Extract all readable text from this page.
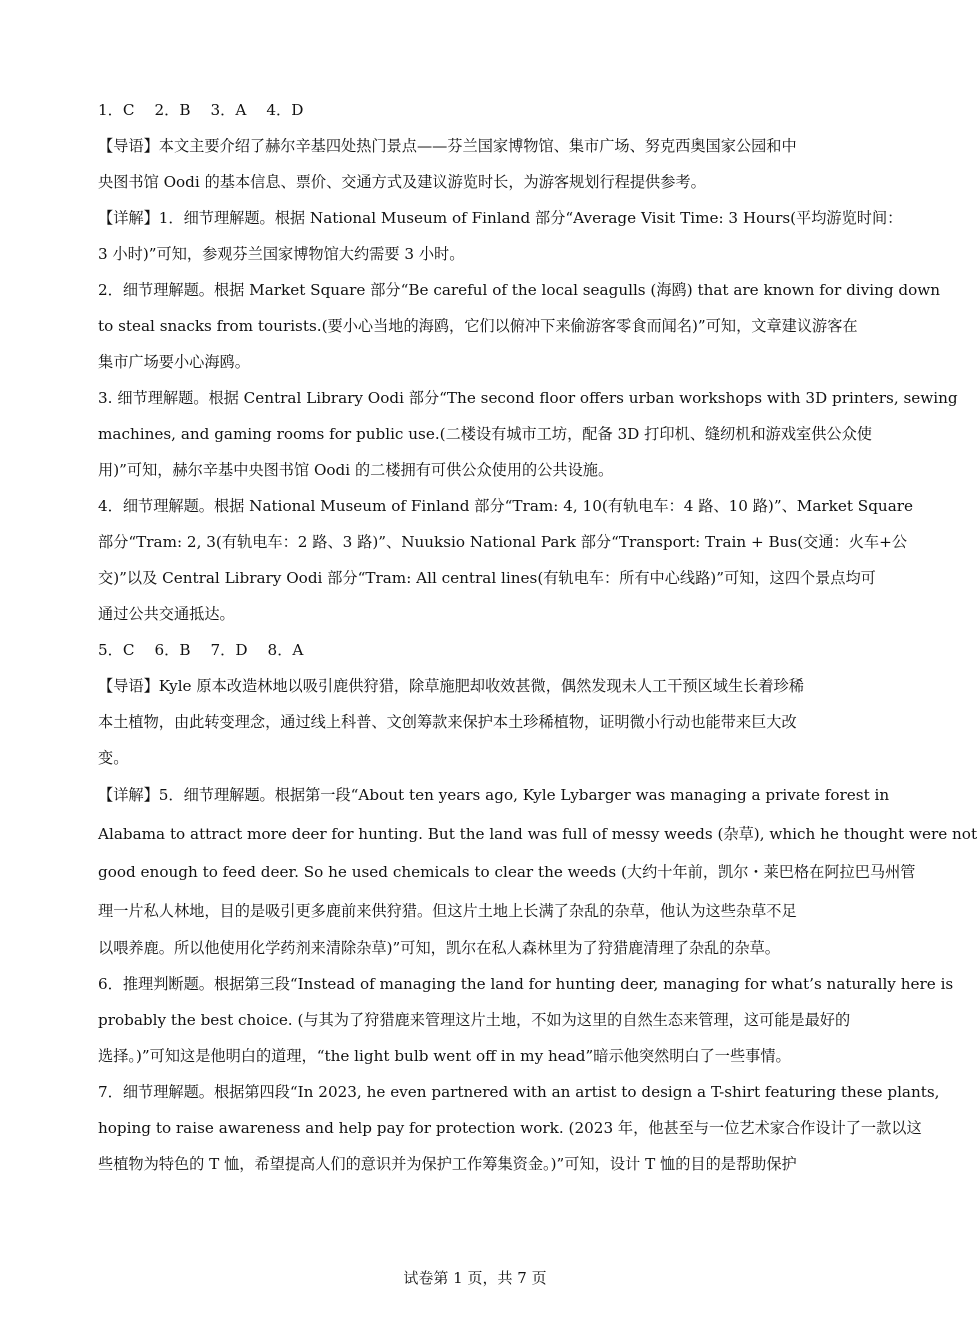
1．C　 2．B　 3．A　 4．D
【导语】本文主要介绍了赫尔辛基四处热门景点——芬兰国家博物馆、集市广场、努克西奥国家公园和中
央图书馆 Oodi 的基本信息、票价、交通方式及建议游览时长，为游客规划行程提供参考。
【详解】1．细节理解题。根据 National Museum of Finland 部分“Average Visit Time: 3 Hours(平均游览时间：
3 小时)”可知，参观芬兰国家博物馆大约需要 3 小时。
2．细节理解题。根据 Market Square 部分“Be careful of the local seagulls (海鸥) that are known for diving down
to steal snacks from tourists.(要小心当地的海鸥，它们以俯冲下来偷游客零食而闻名)”可知，文章建议游客在
集市广场要小心海鸥。
3. 细节理解题。根据 Central Library Oodi 部分“The second floor offers urban workshops with 3D printers, sewing
machines, and gaming rooms for public use.(二楼设有城市工坊，配备 3D 打印机、缝纫机和游戏室供公众使
用)”可知，赫尔辛基中央图书馆 Oodi 的二楼拥有可供公众使用的公共设施。
4．细节理解题。根据 National Museum of Finland 部分“Tram: 4, 10(有轨电车：4 路、10 路)”、Market Square
部分“Tram: 2, 3(有轨电车：2 路、3 路)”、Nuuksio National Park 部分“Transport: Train + Bus(交通：火车+公
交)”以及 Central Library Oodi 部分“Tram: All central lines(有轨电车：所有中心线路)”可知，这四个景点均可
通过公共交通抵达。
5．C　 6．B　 7．D　 8．A
【导语】Kyle 原本改造林地以吸引鹿供狩猎，除草施肥却收效甚微，偶然发现未人工干预区域生长着珍稀
本土植物，由此转变理念，通过线上科普、文创筹款来保护本土珍稀植物，证明微小行动也能带来巨大改
变。
【详解】5．细节理解题。根据第一段“About ten years ago, Kyle Lybarger was managing a private forest in
Alabama to attract more deer for hunting. But the land was full of messy weeds (杂草), which he thought were not
good enough to feed deer. So he used chemicals to clear the weeds (大约十年前，凯尔・莱巴格在阿拉巴马州管
理一片私人林地，目的是吸引更多鹿前来供狩猎。但这片土地上长满了杂乱的杂草，他认为这些杂草不足
以喂养鹿。所以他使用化学药剂来清除杂草)”可知，凯尔在私人森林里为了狩猎鹿清理了杂乱的杂草。
6．推理判断题。根据第三段“Instead of managing the land for hunting deer, managing for what’s naturally here is
probably the best choice. (与其为了狩猎鹿来管理这片土地，不如为这里的自然生态来管理，这可能是最好的
选择。)”可知这是他明白的道理，“the light bulb went off in my head”暗示他突然明白了一些事情。
7．细节理解题。根据第四段“In 2023, he even partnered with an artist to design a T-shirt featuring these plants,
hoping to raise awareness and help pay for protection work. (2023 年，他甚至与一位艺术家合作设计了一款以这
些植物为特色的 T 恤，希望提高人们的意识并为保护工作筹集资金。)”可知，设计 T 恤的目的是帮助保护
试卷第 1 页，共 7 页
